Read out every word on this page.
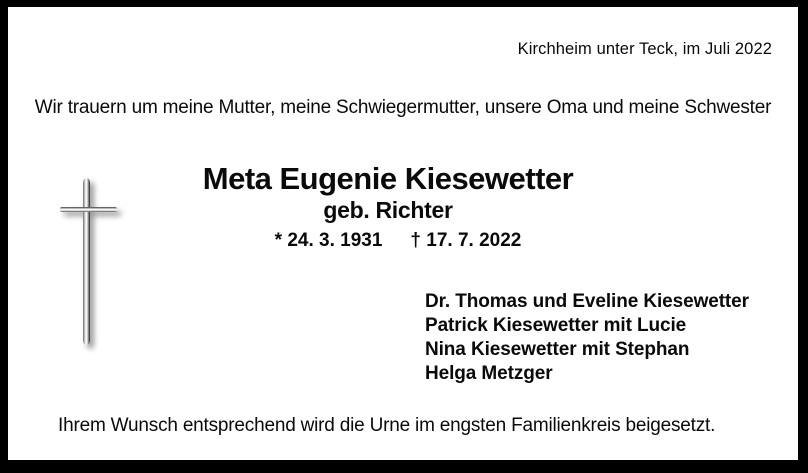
Kirchheim unter Teck, im Juli 2022
Wir trauern um meine Mutter, meine Schwiegermutter, unsere Oma und meine Schwester
Meta Eugenie Kiesewetter
geb. Richter
* 24. 3. 1931 † 17. 7. 2022
Dr. Thomas und Eveline Kiesewetter
Patrick Kiesewetter mit Lucie
Nina Kiesewetter mit Stephan
Helga Metzger
Ihrem Wunsch entsprechend wird die Urne im engsten Familienkreis beigesetzt.
